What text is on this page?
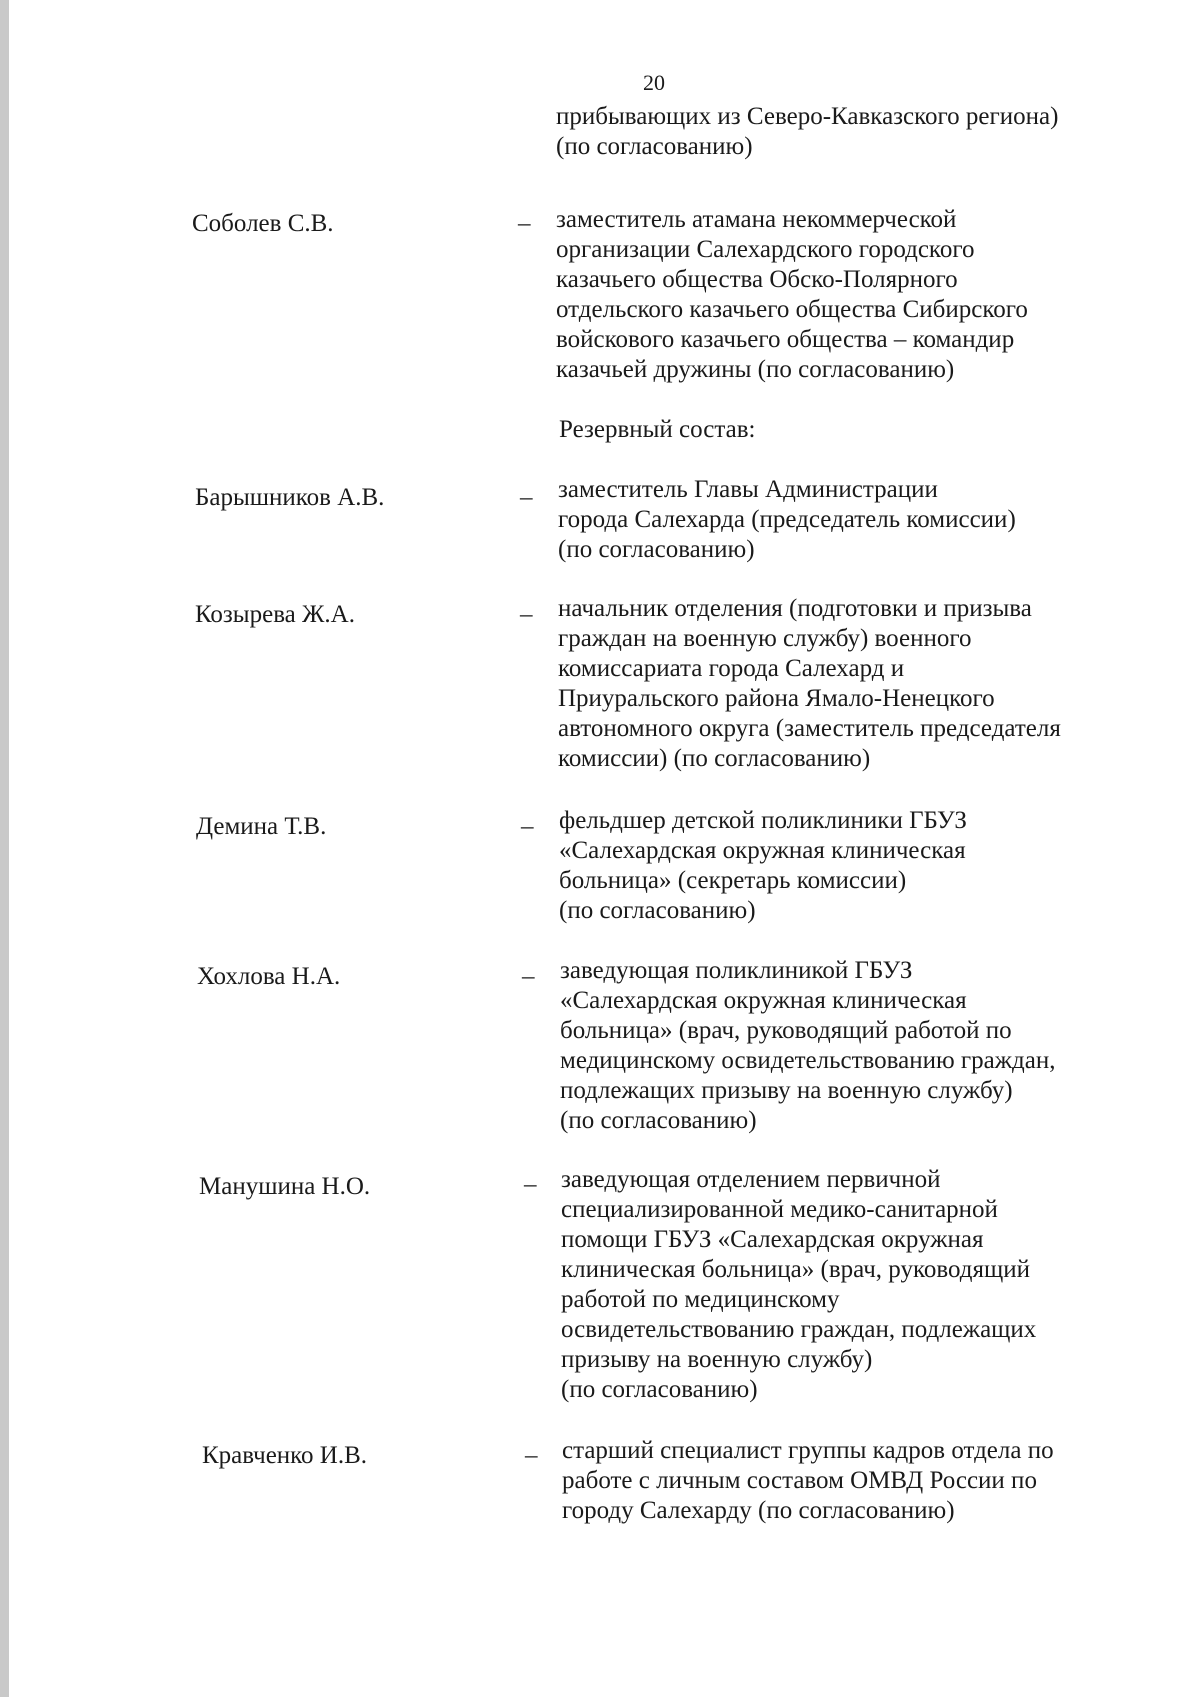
20
прибывающих из Северо-Кавказского региона)
(по согласованию)
Соболев С.В.	– заместитель атамана некоммерческой
организации Салехардского городского
казачьего общества Обско-Полярного
отдельского казачьего общества Сибирского
войскового казачьего общества – командир
казачьей дружины (по согласованию)
Резервный состав:
Барышников А.В.	– заместитель Главы Администрации
города Салехарда (председатель комиссии)
(по согласованию)
Козырева Ж.А.	– начальник отделения (подготовки и призыва
граждан на военную службу) военного
комиссариата города Салехард и
Приуральского района Ямало-Ненецкого
автономного округа (заместитель председателя
комиссии) (по согласованию)
Демина Т.В.	– фельдшер детской поликлиники ГБУЗ
«Салехардская окружная клиническая
больница» (секретарь комиссии)
(по согласованию)
Хохлова Н.А.	– заведующая поликлиникой ГБУЗ
«Салехардская окружная клиническая
больница» (врач, руководящий работой по
медицинскому освидетельствованию граждан,
подлежащих призыву на военную службу)
(по согласованию)
Манушина Н.О.	– заведующая отделением первичной
специализированной медико-санитарной
помощи ГБУЗ «Салехардская окружная
клиническая больница» (врач, руководящий
работой по медицинскому
освидетельствованию граждан, подлежащих
призыву на военную службу)
(по согласованию)
Кравченко И.В.	– старший специалист группы кадров отдела по
работе с личным составом ОМВД России по
городу Салехарду (по согласованию)
